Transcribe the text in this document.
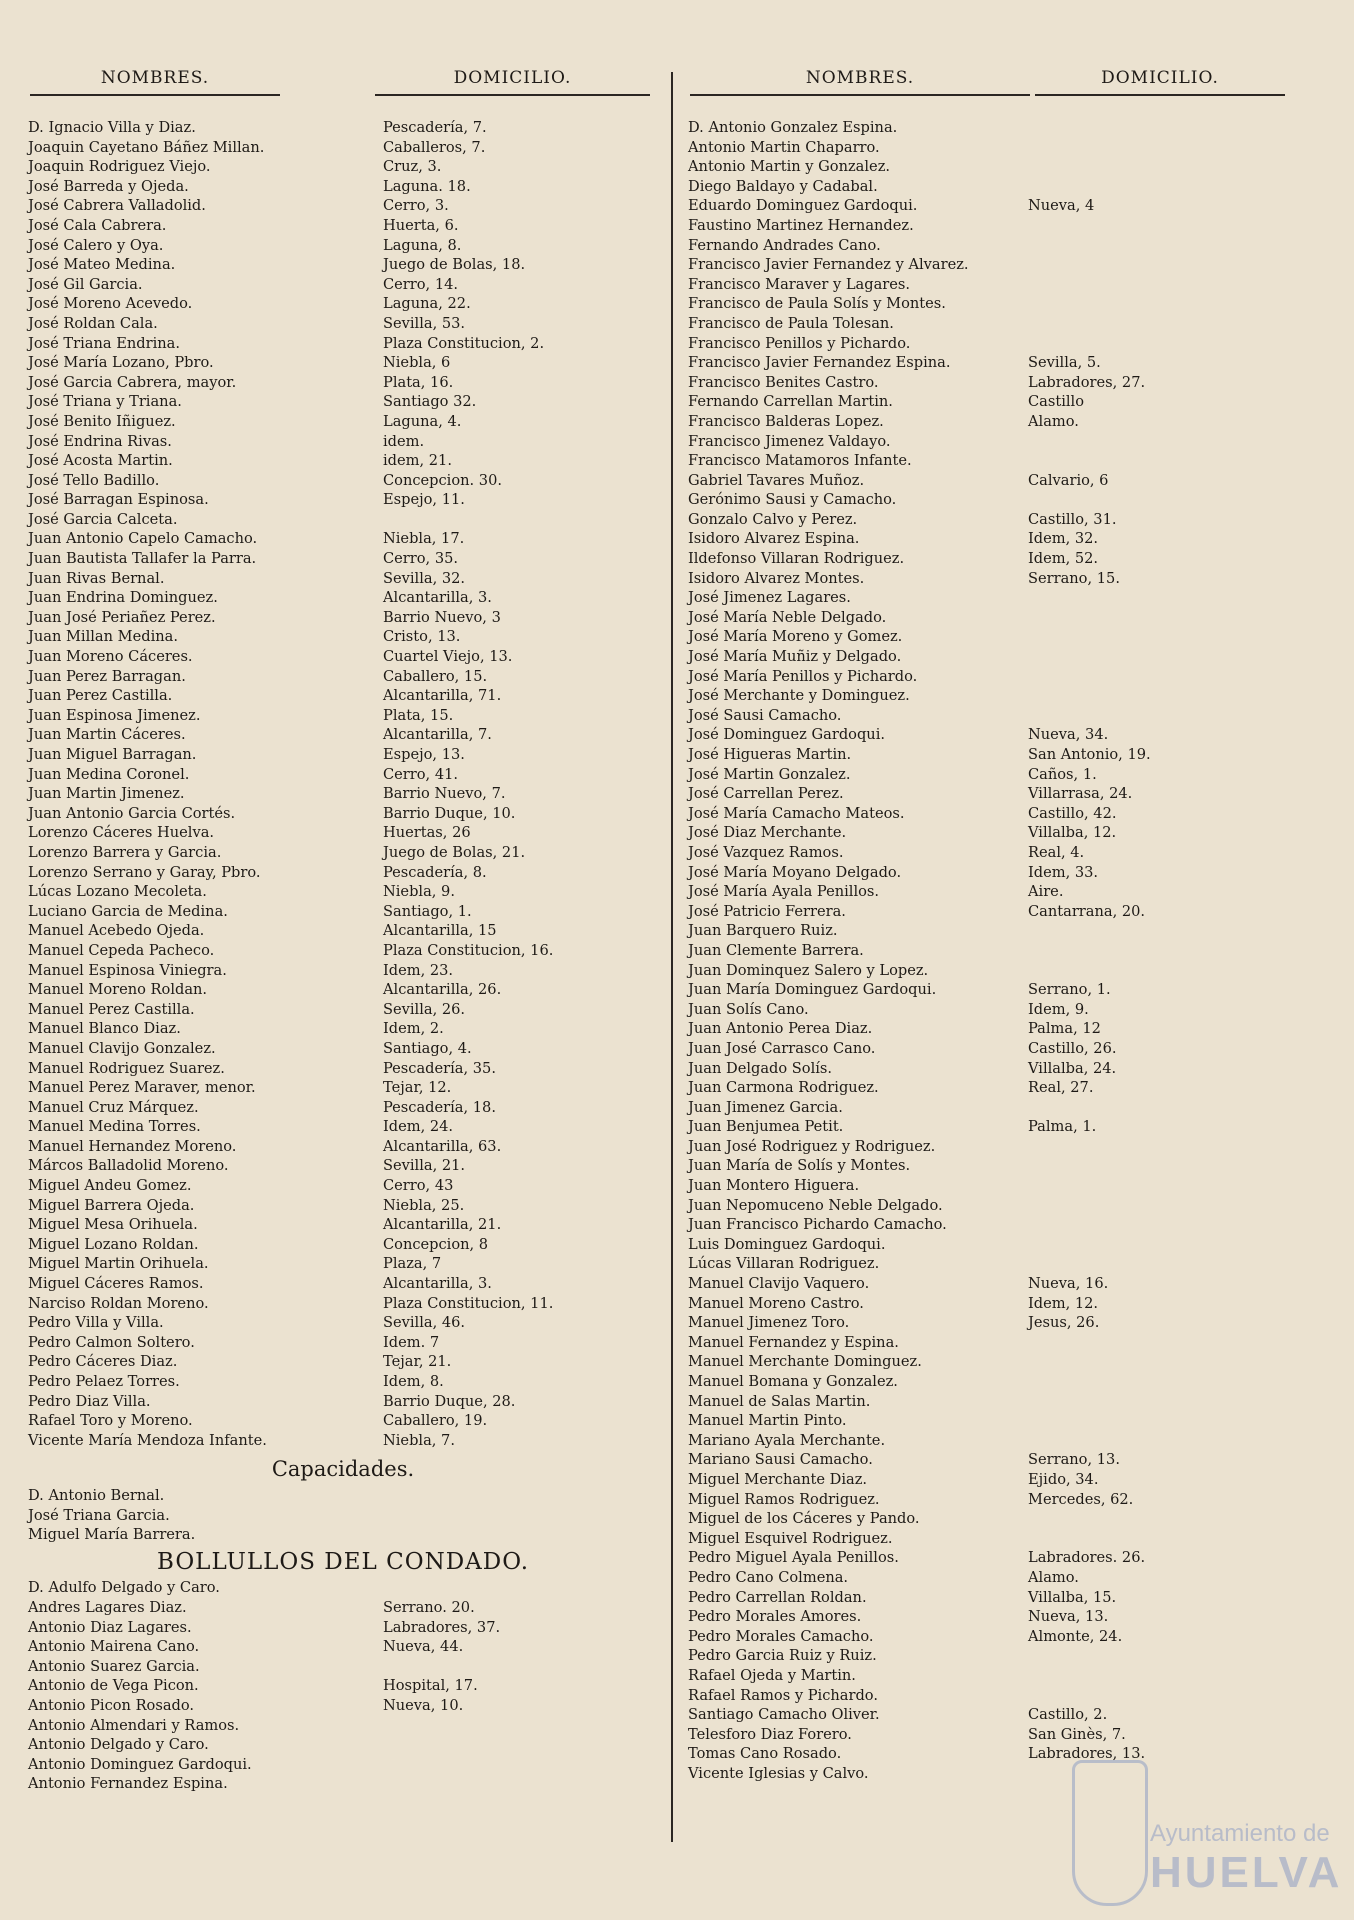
NOMBRES.	DOMICILIO.	NOMBRES.	DOMICILIO.
D. Ignacio Villa y Diaz.	Pescadería, 7.
Joaquin Cayetano Báñez Millan.	Caballeros, 7.
Joaquin Rodriguez Viejo.	Cruz, 3.
José Barreda y Ojeda.	Laguna. 18.
José Cabrera Valladolid.	Cerro, 3.
José Cala Cabrera.	Huerta, 6.
José Calero y Oya.	Laguna, 8.
José Mateo Medina.	Juego de Bolas, 18.
José Gil Garcia.	Cerro, 14.
José Moreno Acevedo.	Laguna, 22.
José Roldan Cala.	Sevilla, 53.
José Triana Endrina.	Plaza Constitucion, 2.
José María Lozano, Pbro.	Niebla, 6
José Garcia Cabrera, mayor.	Plata, 16.
José Triana y Triana.	Santiago 32.
José Benito Iñiguez.	Laguna, 4.
José Endrina Rivas.	idem.
José Acosta Martin.	idem, 21.
José Tello Badillo.	Concepcion. 30.
José Barragan Espinosa.	Espejo, 11.
José Garcia Calceta.
Juan Antonio Capelo Camacho.	Niebla, 17.
Juan Bautista Tallafer la Parra.	Cerro, 35.
Juan Rivas Bernal.	Sevilla, 32.
Juan Endrina Dominguez.	Alcantarilla, 3.
Juan José Periañez Perez.	Barrio Nuevo, 3
Juan Millan Medina.	Cristo, 13.
Juan Moreno Cáceres.	Cuartel Viejo, 13.
Juan Perez Barragan.	Caballero, 15.
Juan Perez Castilla.	Alcantarilla, 71.
Juan Espinosa Jimenez.	Plata, 15.
Juan Martin Cáceres.	Alcantarilla, 7.
Juan Miguel Barragan.	Espejo, 13.
Juan Medina Coronel.	Cerro, 41.
Juan Martin Jimenez.	Barrio Nuevo, 7.
Juan Antonio Garcia Cortés.	Barrio Duque, 10.
Lorenzo Cáceres Huelva.	Huertas, 26
Lorenzo Barrera y Garcia.	Juego de Bolas, 21.
Lorenzo Serrano y Garay, Pbro.	Pescadería, 8.
Lúcas Lozano Mecoleta.	Niebla, 9.
Luciano Garcia de Medina.	Santiago, 1.
Manuel Acebedo Ojeda.	Alcantarilla, 15
Manuel Cepeda Pacheco.	Plaza Constitucion, 16.
Manuel Espinosa Viniegra.	Idem, 23.
Manuel Moreno Roldan.	Alcantarilla, 26.
Manuel Perez Castilla.	Sevilla, 26.
Manuel Blanco Diaz.	Idem, 2.
Manuel Clavijo Gonzalez.	Santiago, 4.
Manuel Rodriguez Suarez.	Pescadería, 35.
Manuel Perez Maraver, menor.	Tejar, 12.
Manuel Cruz Márquez.	Pescadería, 18.
Manuel Medina Torres.	Idem, 24.
Manuel Hernandez Moreno.	Alcantarilla, 63.
Márcos Balladolid Moreno.	Sevilla, 21.
Miguel Andeu Gomez.	Cerro, 43
Miguel Barrera Ojeda.	Niebla, 25.
Miguel Mesa Orihuela.	Alcantarilla, 21.
Miguel Lozano Roldan.	Concepcion, 8
Miguel Martin Orihuela.	Plaza, 7
Miguel Cáceres Ramos.	Alcantarilla, 3.
Narciso Roldan Moreno.	Plaza Constitucion, 11.
Pedro Villa y Villa.	Sevilla, 46.
Pedro Calmon Soltero.	Idem. 7
Pedro Cáceres Diaz.	Tejar, 21.
Pedro Pelaez Torres.	Idem, 8.
Pedro Diaz Villa.	Barrio Duque, 28.
Rafael Toro y Moreno.	Caballero, 19.
Vicente María Mendoza Infante.	Niebla, 7.
Capacidades.
D. Antonio Bernal.
José Triana Garcia.
Miguel María Barrera.
BOLLULLOS DEL CONDADO.
D. Adulfo Delgado y Caro.
Andres Lagares Diaz.	Serrano. 20.
Antonio Diaz Lagares.	Labradores, 37.
Antonio Mairena Cano.	Nueva, 44.
Antonio Suarez Garcia.
Antonio de Vega Picon.	Hospital, 17.
Antonio Picon Rosado.	Nueva, 10.
Antonio Almendari y Ramos.
Antonio Delgado y Caro.
Antonio Dominguez Gardoqui.
Antonio Fernandez Espina.
D. Antonio Gonzalez Espina.
Antonio Martin Chaparro.
Antonio Martin y Gonzalez.
Diego Baldayo y Cadabal.
Eduardo Dominguez Gardoqui.	Nueva, 4
Faustino Martinez Hernandez.
Fernando Andrades Cano.
Francisco Javier Fernandez y Alvarez.
Francisco Maraver y Lagares.
Francisco de Paula Solís y Montes.
Francisco de Paula Tolesan.
Francisco Penillos y Pichardo.
Francisco Javier Fernandez Espina.	Sevilla, 5.
Francisco Benites Castro.	Labradores, 27.
Fernando Carrellan Martin.	Castillo
Francisco Balderas Lopez.	Alamo.
Francisco Jimenez Valdayo.
Francisco Matamoros Infante.
Gabriel Tavares Muñoz.	Calvario, 6
Gerónimo Sausi y Camacho.
Gonzalo Calvo y Perez.	Castillo, 31.
Isidoro Alvarez Espina.	Idem, 32.
Ildefonso Villaran Rodriguez.	Idem, 52.
Isidoro Alvarez Montes.	Serrano, 15.
José Jimenez Lagares.
José María Neble Delgado.
José María Moreno y Gomez.
José María Muñiz y Delgado.
José María Penillos y Pichardo.
José Merchante y Dominguez.
José Sausi Camacho.
José Dominguez Gardoqui.	Nueva, 34.
José Higueras Martin.	San Antonio, 19.
José Martin Gonzalez.	Caños, 1.
José Carrellan Perez.	Villarrasa, 24.
José María Camacho Mateos.	Castillo, 42.
José Diaz Merchante.	Villalba, 12.
José Vazquez Ramos.	Real, 4.
José María Moyano Delgado.	Idem, 33.
José María Ayala Penillos.	Aire.
José Patricio Ferrera.	Cantarrana, 20.
Juan Barquero Ruiz.
Juan Clemente Barrera.
Juan Dominquez Salero y Lopez.
Juan María Dominguez Gardoqui.	Serrano, 1.
Juan Solís Cano.	Idem, 9.
Juan Antonio Perea Diaz.	Palma, 12
Juan José Carrasco Cano.	Castillo, 26.
Juan Delgado Solís.	Villalba, 24.
Juan Carmona Rodriguez.	Real, 27.
Juan Jimenez Garcia.
Juan Benjumea Petit.	Palma, 1.
Juan José Rodriguez y Rodriguez.
Juan María de Solís y Montes.
Juan Montero Higuera.
Juan Nepomuceno Neble Delgado.
Juan Francisco Pichardo Camacho.
Luis Dominguez Gardoqui.
Lúcas Villaran Rodriguez.
Manuel Clavijo Vaquero.	Nueva, 16.
Manuel Moreno Castro.	Idem, 12.
Manuel Jimenez Toro.	Jesus, 26.
Manuel Fernandez y Espina.
Manuel Merchante Dominguez.
Manuel Bomana y Gonzalez.
Manuel de Salas Martin.
Manuel Martin Pinto.
Mariano Ayala Merchante.
Mariano Sausi Camacho.	Serrano, 13.
Miguel Merchante Diaz.	Ejido, 34.
Miguel Ramos Rodriguez.	Mercedes, 62.
Miguel de los Cáceres y Pando.
Miguel Esquivel Rodriguez.
Pedro Miguel Ayala Penillos.	Labradores. 26.
Pedro Cano Colmena.	Alamo.
Pedro Carrellan Roldan.	Villalba, 15.
Pedro Morales Amores.	Nueva, 13.
Pedro Morales Camacho.	Almonte, 24.
Pedro Garcia Ruiz y Ruiz.
Rafael Ojeda y Martin.
Rafael Ramos y Pichardo.
Santiago Camacho Oliver.	Castillo, 2.
Telesforo Diaz Forero.	San Ginès, 7.
Tomas Cano Rosado.	Labradores, 13.
Vicente Iglesias y Calvo.
Ayuntamiento de
HUELVA
